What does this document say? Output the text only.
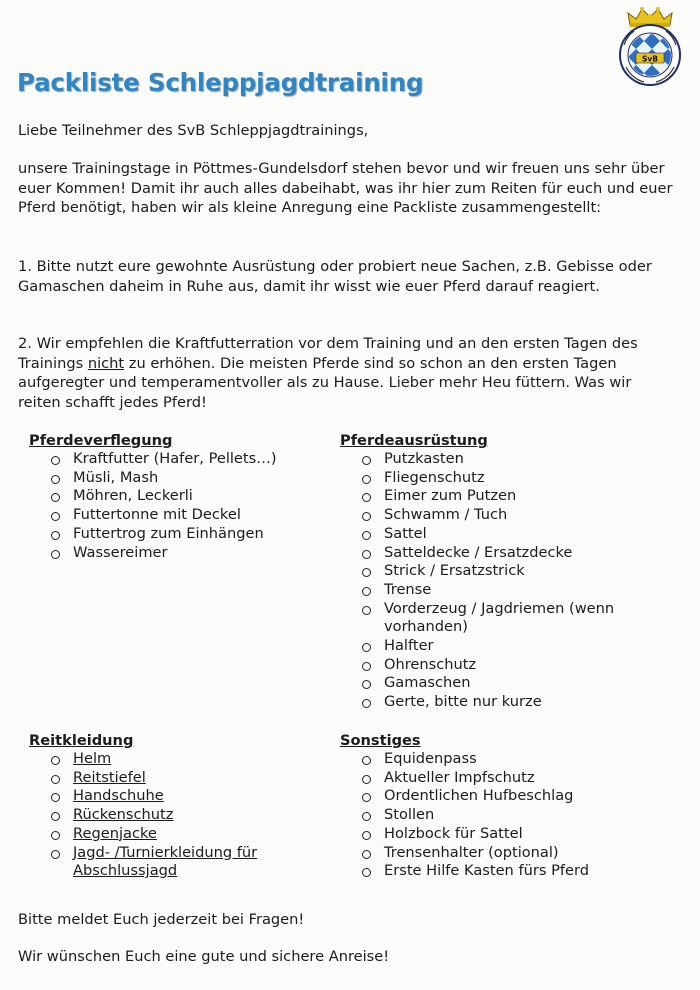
SvB
Packliste Schleppjagdtraining

Liebe Teilnehmer des SvB Schleppjagdtrainings,

unsere Trainingstage in Pöttmes-Gundelsdorf stehen bevor und wir freuen uns sehr über euer Kommen! Damit ihr auch alles dabeihabt, was ihr hier zum Reiten für euch und euer Pferd benötigt, haben wir als kleine Anregung eine Packliste zusammengestellt:

1. Bitte nutzt eure gewohnte Ausrüstung oder probiert neue Sachen, z.B. Gebisse oder Gamaschen daheim in Ruhe aus, damit ihr wisst wie euer Pferd darauf reagiert.

2. Wir empfehlen die Kraftfutterration vor dem Training und an den ersten Tagen des Trainings nicht zu erhöhen. Die meisten Pferde sind so schon an den ersten Tagen aufgeregter und temperamentvoller als zu Hause. Lieber mehr Heu füttern. Was wir reiten schafft jedes Pferd!

Pferdeverflegung
Kraftfutter (Hafer, Pellets…)
Müsli, Mash
Möhren, Leckerli
Futtertonne mit Deckel
Futtertrog zum Einhängen
Wassereimer
Pferdeausrüstung
Putzkasten
Fliegenschutz
Eimer zum Putzen
Schwamm / Tuch
Sattel
Satteldecke / Ersatzdecke
Strick / Ersatzstrick
Trense
Vorderzeug / Jagdriemen (wenn vorhanden)
Halfter
Ohrenschutz
Gamaschen
Gerte, bitte nur kurze
Reitkleidung
Helm
Reitstiefel
Handschuhe
Rückenschutz
Regenjacke
Jagd- /Turnierkleidung für Abschlussjagd
Sonstiges
Equidenpass
Aktueller Impfschutz
Ordentlichen Hufbeschlag
Stollen
Holzbock für Sattel
Trensenhalter (optional)
Erste Hilfe Kasten fürs Pferd

Bitte meldet Euch jederzeit bei Fragen!

Wir wünschen Euch eine gute und sichere Anreise!
